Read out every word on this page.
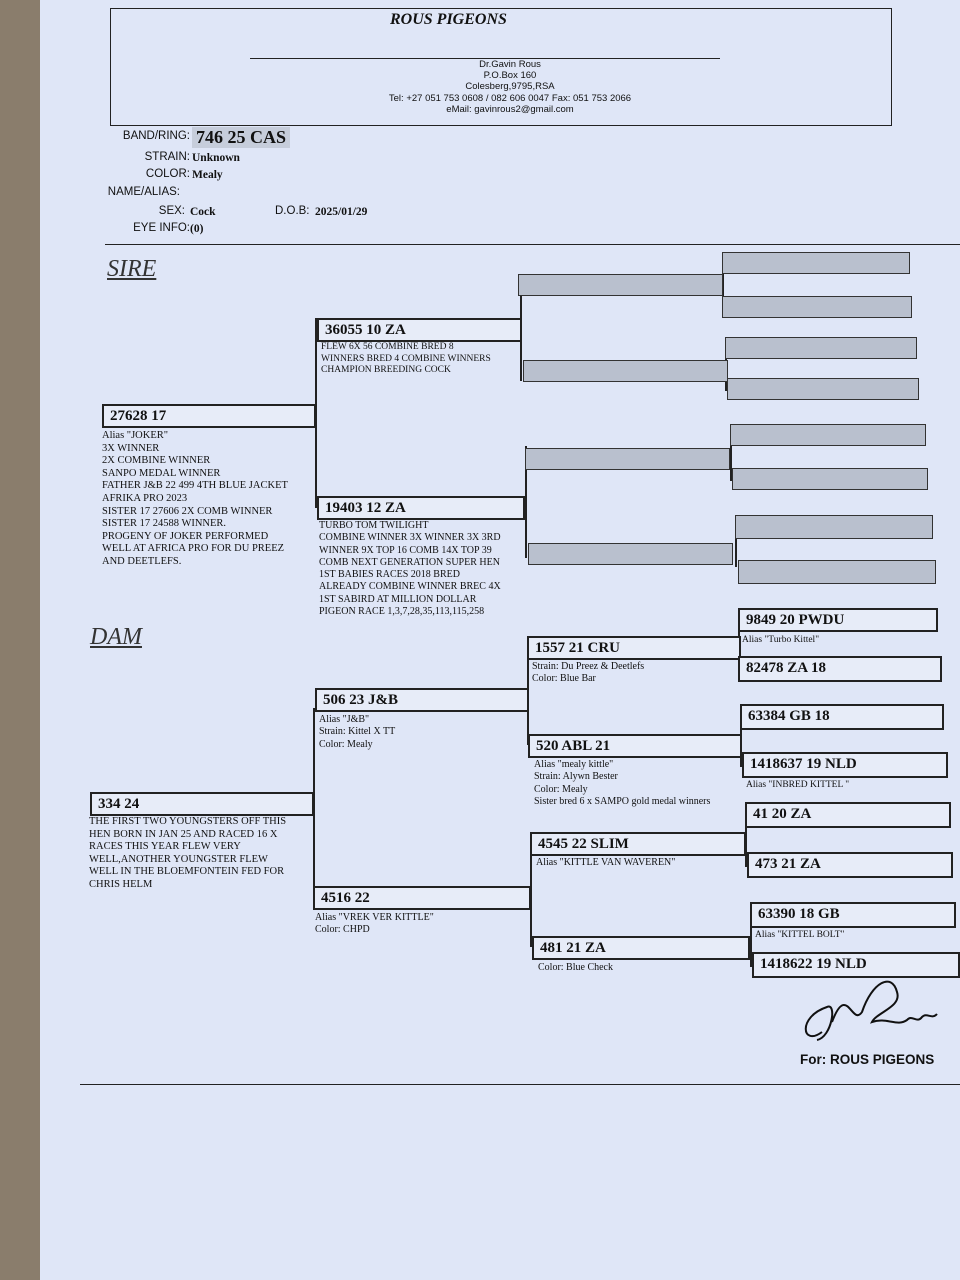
ROUS PIGEONS
Dr.Gavin Rous
P.O.Box 160
Colesberg,9795,RSA
Tel: +27 051 753 0608 / 082 606 0047 Fax: 051 753 2066
eMail: gavinrous2@gmail.com
BAND/RING: 746 25 CAS
STRAIN: Unknown
COLOR: Mealy
NAME/ALIAS:
SEX: Cock	D.O.B: 2025/01/29
EYE INFO: (0)
SIRE
DAM
27628 17
Alias "JOKER"
3X WINNER
2X COMBINE WINNER
SANPO MEDAL WINNER
FATHER J&B 22 499 4TH BLUE JACKET
AFRIKA PRO 2023
SISTER 17 27606 2X COMB WINNER
SISTER 17 24588 WINNER.
PROGENY OF JOKER PERFORMED
WELL AT AFRICA PRO FOR DU PREEZ
AND DEETLEFS.
36055 10 ZA
FLEW 6X 56 COMBINE BRED 8
WINNERS BRED 4 COMBINE WINNERS
CHAMPION BREEDING COCK
19403 12 ZA
TURBO TOM TWILIGHT
COMBINE WINNER 3X WINNER 3X 3RD
WINNER 9X TOP 16 COMB 14X TOP 39
COMB NEXT GENERATION SUPER HEN
1ST BABIES RACES 2018 BRED
ALREADY COMBINE WINNER BREC 4X
1ST SABIRD AT MILLION DOLLAR
PIGEON RACE 1,3,7,28,35,113,115,258
334 24
THE FIRST TWO YOUNGSTERS OFF THIS
HEN BORN IN JAN 25 AND RACED 16 X
RACES THIS YEAR FLEW VERY
WELL,ANOTHER YOUNGSTER FLEW
WELL IN THE BLOEMFONTEIN FED FOR
CHRIS HELM
506 23 J&B
Alias "J&B"
Strain: Kittel X TT
Color: Mealy
4516 22
Alias "VREK VER KITTLE"
Color: CHPD
1557 21 CRU
Strain: Du Preez & Deetlefs
Color: Blue Bar
520 ABL 21
Alias "mealy kittle"
Strain: Alywn Bester
Color: Mealy
Sister bred 6 x SAMPO gold medal winners
4545 22 SLIM
Alias "KITTLE VAN WAVEREN"
481 21 ZA
Color: Blue Check
9849 20 PWDU
Alias "Turbo Kittel"
82478 ZA 18
63384 GB 18
1418637 19 NLD
Alias "INBRED KITTEL "
41 20 ZA
473 21 ZA
63390 18 GB
Alias "KITTEL BOLT"
1418622 19 NLD
For: ROUS PIGEONS
